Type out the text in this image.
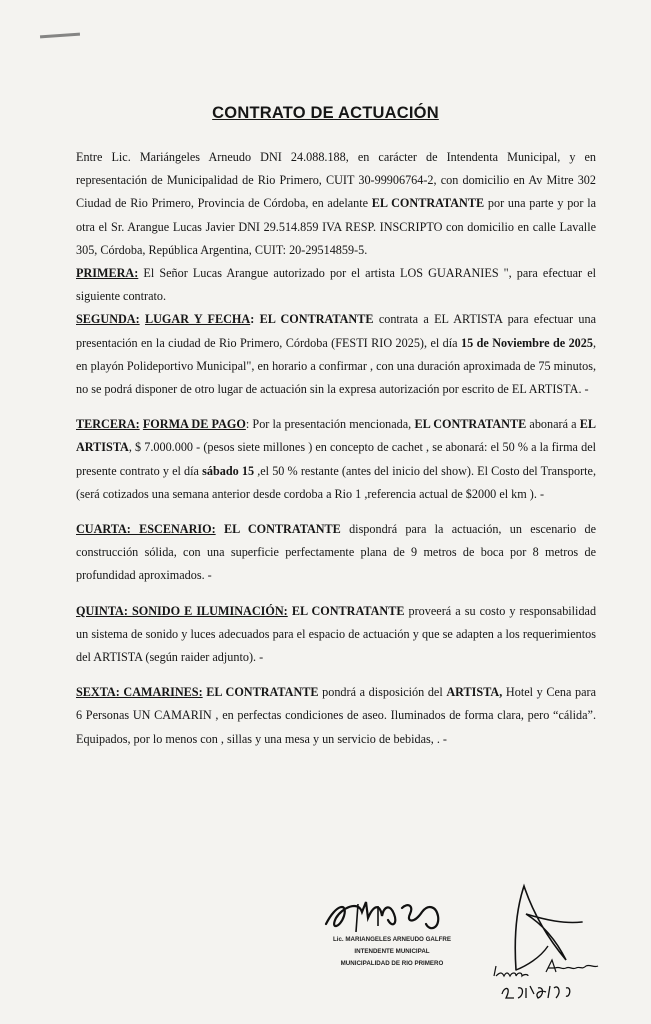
CONTRATO DE ACTUACIÓN

Entre Lic. Mariángeles Arneudo DNI 24.088.188, en carácter de Intendenta Municipal, y en representación de Municipalidad de Rio Primero, CUIT 30-99906764-2, con domicilio en Av Mitre 302 Ciudad de Rio Primero, Provincia de Córdoba, en adelante EL CONTRATANTE por una parte y por la otra el Sr. Arangue Lucas Javier DNI 29.514.859 IVA RESP. INSCRIPTO con domicilio en calle Lavalle 305, Córdoba, República Argentina, CUIT: 20-29514859-5.

PRIMERA: El Señor Lucas Arangue autorizado por el artista LOS GUARANIES ", para efectuar el siguiente contrato.

SEGUNDA: LUGAR Y FECHA: EL CONTRATANTE contrata a EL ARTISTA para efectuar una presentación en la ciudad de Rio Primero, Córdoba (FESTI RIO 2025), el día 15 de Noviembre de 2025, en playón Polideportivo Municipal", en horario a confirmar , con una duración aproximada de 75 minutos, no se podrá disponer de otro lugar de actuación sin la expresa autorización por escrito de EL ARTISTA. -

TERCERA: FORMA DE PAGO: Por la presentación mencionada, EL CONTRATANTE abonará a EL ARTISTA, $ 7.000.000 - (pesos siete millones ) en concepto de cachet , se abonará: el 50 % a la firma del presente contrato y el día sábado 15 ,el 50 % restante (antes del inicio del show). El Costo del Transporte, (será cotizados una semana anterior desde cordoba a Rio 1 ,referencia actual de $2000 el km ). -

CUARTA: ESCENARIO: EL CONTRATANTE dispondrá para la actuación, un escenario de construcción sólida, con una superficie perfectamente plana de 9 metros de boca por 8 metros de profundidad aproximados. -

QUINTA: SONIDO E ILUMINACIÓN: EL CONTRATANTE proveerá a su costo y responsabilidad un sistema de sonido y luces adecuados para el espacio de actuación y que se adapten a los requerimientos del ARTISTA (según raider adjunto). -

SEXTA: CAMARINES: EL CONTRATANTE pondrá a disposición del ARTISTA, Hotel y Cena para 6 Personas UN CAMARIN , en perfectas condiciones de aseo. Iluminados de forma clara, pero “cálida”. Equipados, por lo menos con , sillas y una mesa y un servicio de bebidas, . -

Lic. MARIANGELES ARNEUDO GALFRE
INTENDENTE MUNICIPAL
MUNICIPALIDAD DE RIO PRIMERO
